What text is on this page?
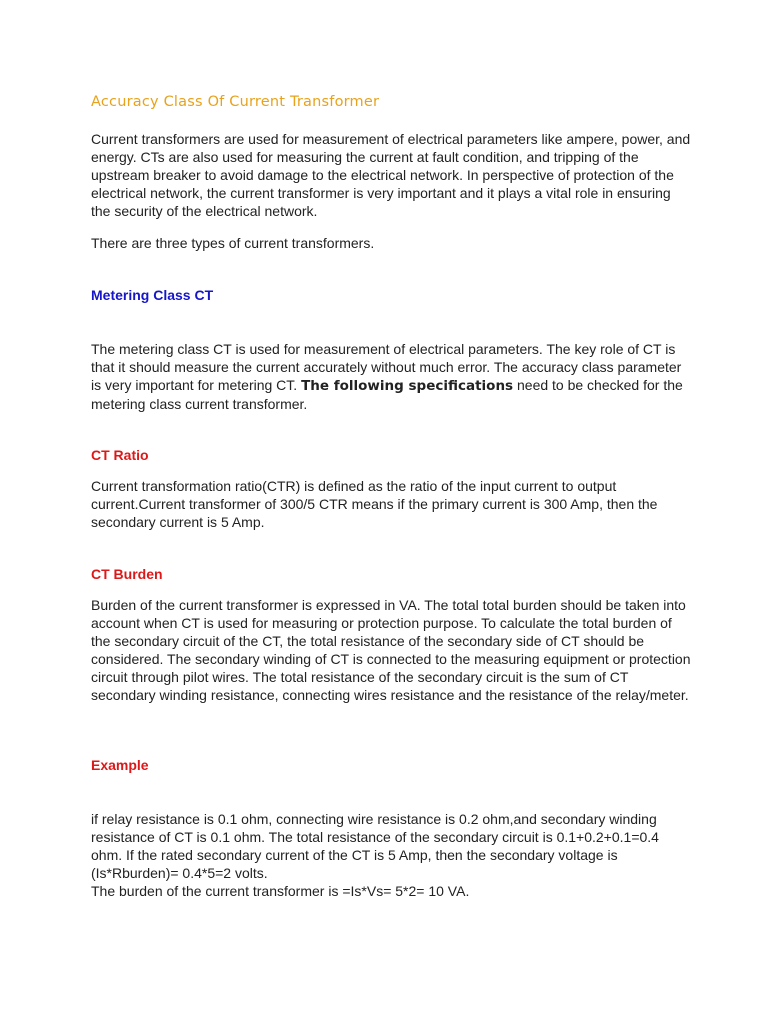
Accuracy Class Of Current Transformer

Current transformers are used for measurement of electrical parameters like ampere, power, and energy. CTs are also used for measuring the current at fault condition, and tripping of the upstream breaker to avoid damage to the electrical network. In perspective of protection of the electrical network, the current transformer is very important and it plays a vital role in ensuring the security of the electrical network.

There are three types of current transformers.

Metering Class CT

The metering class CT is used for measurement of electrical parameters. The key role of CT is that it should measure the current accurately without much error. The accuracy class parameter is very important for metering CT. The following specifications need to be checked for the metering class current transformer.

CT Ratio

Current transformation ratio(CTR) is defined as the ratio of the input current to output current.Current transformer of 300/5 CTR means if the primary current is 300 Amp, then the secondary current is 5 Amp.

CT Burden

Burden of the current transformer is expressed in VA. The total total burden should be taken into account when CT is used for measuring or protection purpose. To calculate the total burden of the secondary circuit of the CT, the total resistance of the secondary side of CT should be considered. The secondary winding of CT is connected to the measuring equipment or protection circuit through pilot wires. The total resistance of the secondary circuit is the sum of CT secondary winding resistance, connecting wires resistance and the resistance of the relay/meter.

Example

if relay resistance is 0.1 ohm, connecting wire resistance is 0.2 ohm,and secondary winding resistance of CT is 0.1 ohm. The total resistance of the secondary circuit is 0.1+0.2+0.1=0.4 ohm. If the rated secondary current of the CT is 5 Amp, then the secondary voltage is (Is*Rburden)= 0.4*5=2 volts.
The burden of the current transformer is =Is*Vs= 5*2= 10 VA.
